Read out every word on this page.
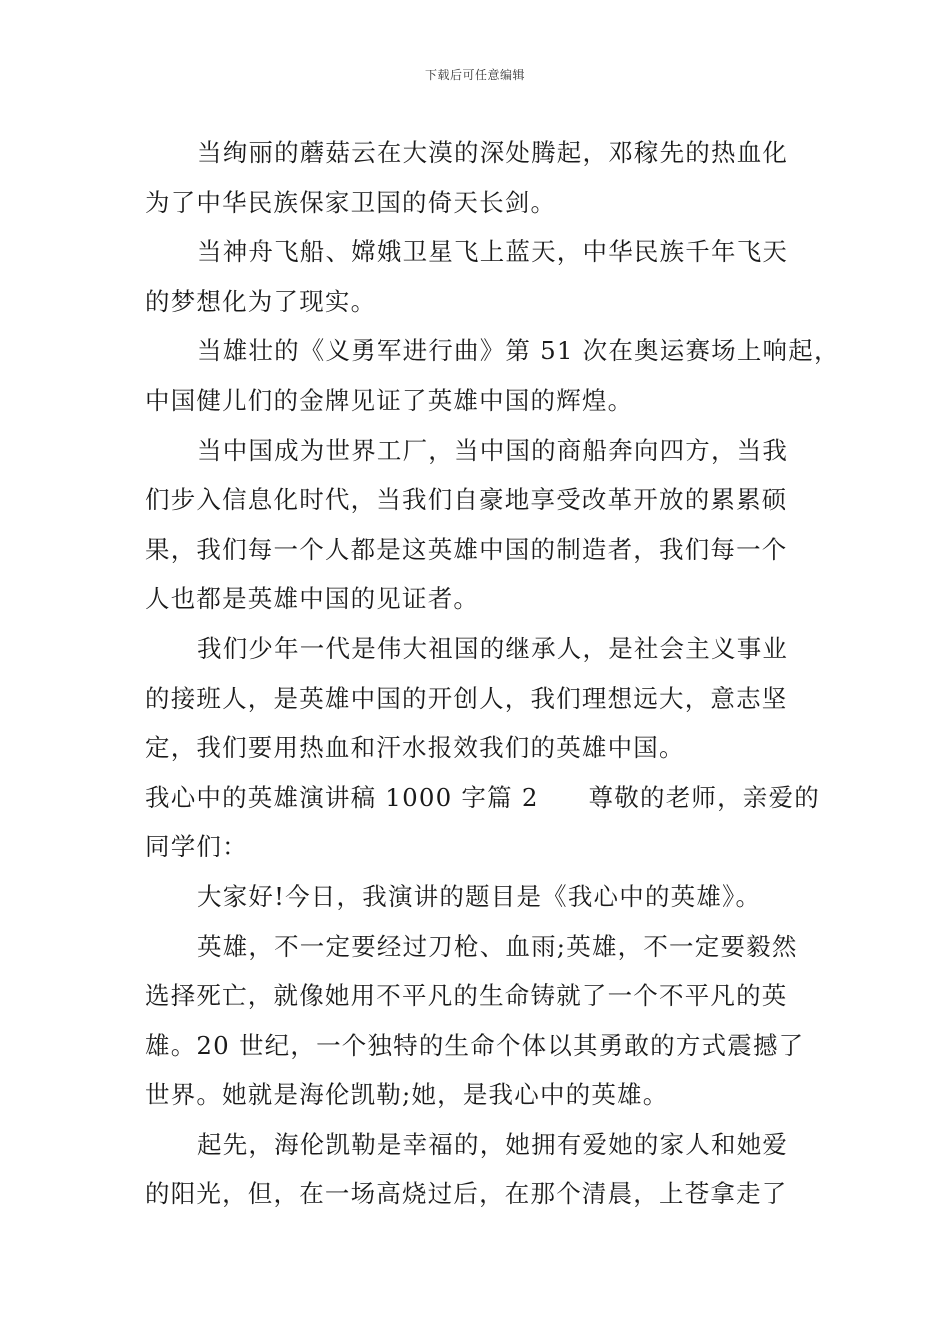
下载后可任意编辑
当绚丽的蘑菇云在大漠的深处腾起，邓稼先的热血化
为了中华民族保家卫国的倚天长剑。
当神舟飞船、嫦娥卫星飞上蓝天，中华民族千年飞天
的梦想化为了现实。
当雄壮的《义勇军进行曲》第 51 次在奥运赛场上响起，
中国健儿们的金牌见证了英雄中国的辉煌。
当中国成为世界工厂，当中国的商船奔向四方，当我
们步入信息化时代，当我们自豪地享受改革开放的累累硕
果，我们每一个人都是这英雄中国的制造者，我们每一个
人也都是英雄中国的见证者。
我们少年一代是伟大祖国的继承人，是社会主义事业
的接班人，是英雄中国的开创人，我们理想远大，意志坚
定，我们要用热血和汗水报效我们的英雄中国。
我心中的英雄演讲稿 1000 字篇 2 尊敬的老师，亲爱的
同学们：
大家好!今日，我演讲的题目是《我心中的英雄》。
英雄，不一定要经过刀枪、血雨;英雄，不一定要毅然
选择死亡，就像她用不平凡的生命铸就了一个不平凡的英
雄。20 世纪，一个独特的生命个体以其勇敢的方式震撼了
世界。她就是海伦凯勒;她，是我心中的英雄。
起先，海伦凯勒是幸福的，她拥有爱她的家人和她爱
的阳光，但，在一场高烧过后，在那个清晨，上苍拿走了
